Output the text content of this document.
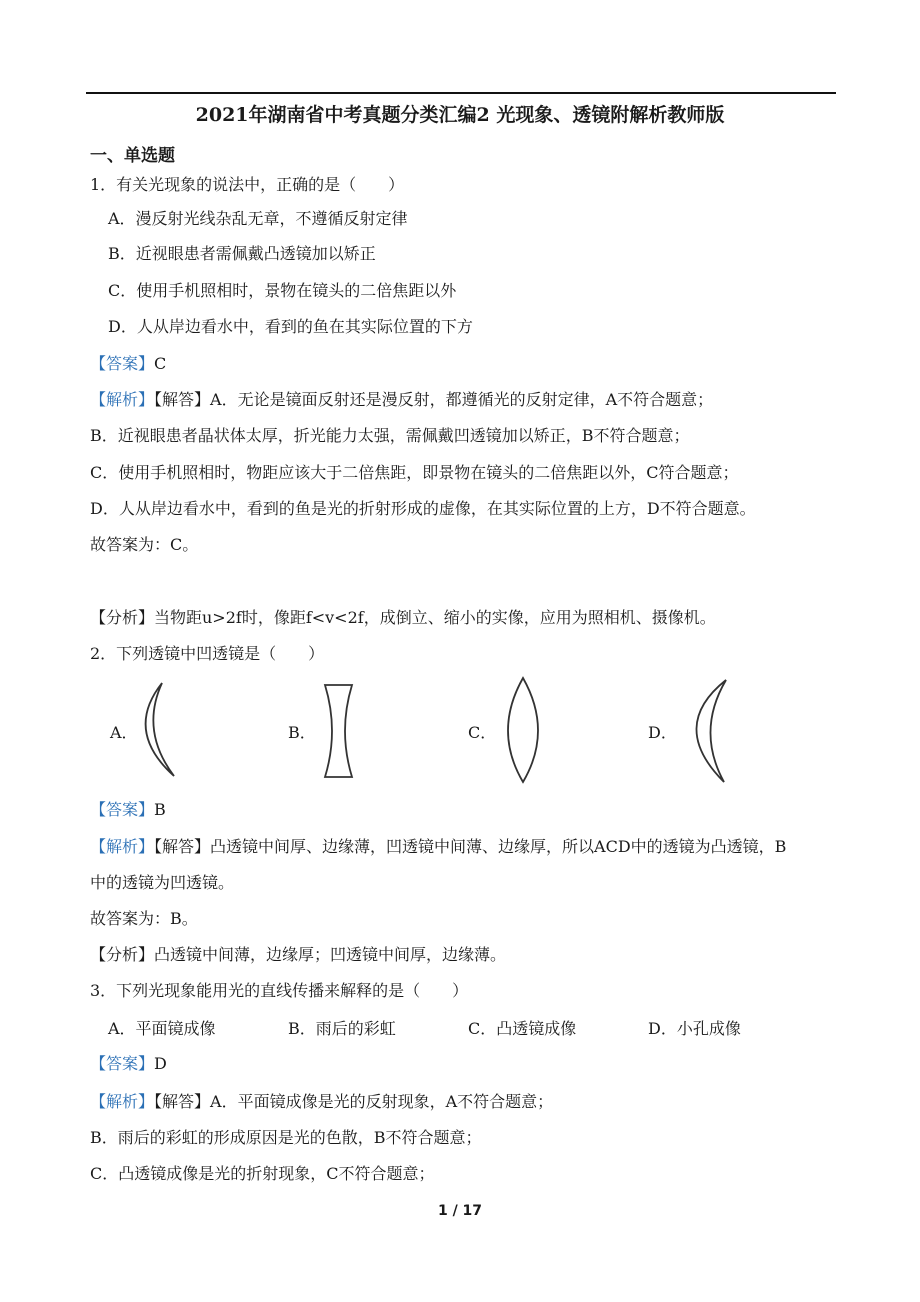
2021年湖南省中考真题分类汇编2 光现象、透镜附解析教师版
一、单选题
1．有关光现象的说法中，正确的是（　　）
A．漫反射光线杂乱无章，不遵循反射定律
B．近视眼患者需佩戴凸透镜加以矫正
C．使用手机照相时，景物在镜头的二倍焦距以外
D．人从岸边看水中，看到的鱼在其实际位置的下方
【答案】C
【解析】【解答】A．无论是镜面反射还是漫反射，都遵循光的反射定律，A不符合题意；
B．近视眼患者晶状体太厚，折光能力太强，需佩戴凹透镜加以矫正，B不符合题意；
C．使用手机照相时，物距应该大于二倍焦距，即景物在镜头的二倍焦距以外，C符合题意；
D．人从岸边看水中，看到的鱼是光的折射形成的虚像，在其实际位置的上方，D不符合题意。
故答案为：C。
【分析】当物距u>2f时，像距f<v<2f，成倒立、缩小的实像，应用为照相机、摄像机。
2．下列透镜中凹透镜是（　　）
A．	B．	C．	D．
【答案】B
【解析】【解答】凸透镜中间厚、边缘薄，凹透镜中间薄、边缘厚，所以ACD中的透镜为凸透镜，B
中的透镜为凹透镜。
故答案为：B。
【分析】凸透镜中间薄，边缘厚；凹透镜中间厚，边缘薄。
3．下列光现象能用光的直线传播来解释的是（　　）
A．平面镜成像	B．雨后的彩虹	C．凸透镜成像	D．小孔成像
【答案】D
【解析】【解答】A．平面镜成像是光的反射现象，A不符合题意；
B．雨后的彩虹的形成原因是光的色散，B不符合题意；
C．凸透镜成像是光的折射现象，C不符合题意；
1 / 17
